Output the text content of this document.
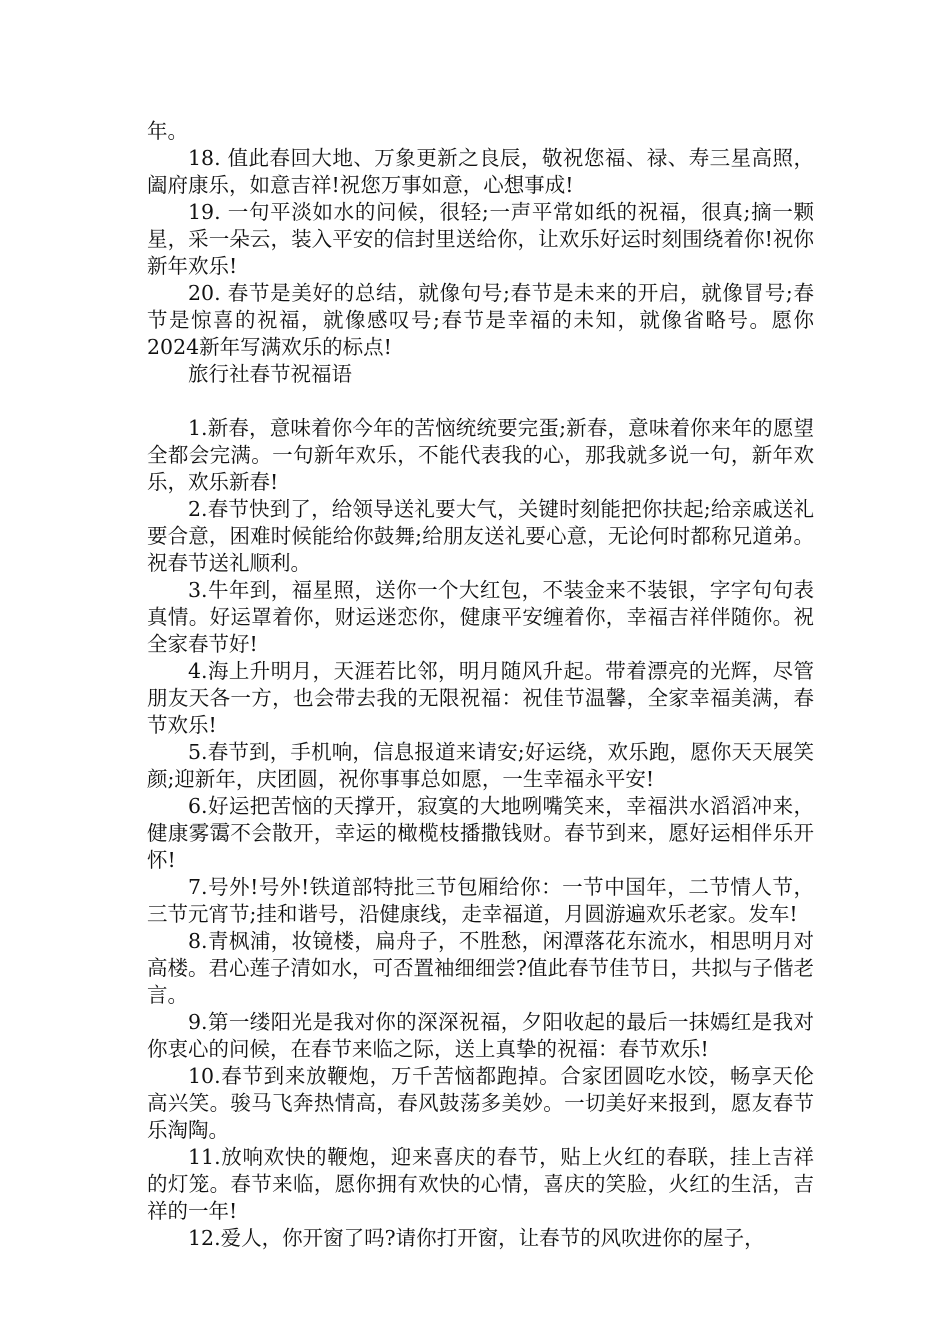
年。

18. 值此春回大地、万象更新之良辰，敬祝您福、禄、寿三星高照，阖府康乐，如意吉祥!祝您万事如意，心想事成!

19. 一句平淡如水的问候，很轻;一声平常如纸的祝福，很真;摘一颗星，采一朵云，装入平安的信封里送给你，让欢乐好运时刻围绕着你!祝你新年欢乐!

20. 春节是美好的总结，就像句号;春节是未来的开启，就像冒号;春节是惊喜的祝福，就像感叹号;春节是幸福的未知，就像省略号。愿你2024新年写满欢乐的标点!

旅行社春节祝福语

1.新春，意味着你今年的苦恼统统要完蛋;新春，意味着你来年的愿望全都会完满。一句新年欢乐，不能代表我的心，那我就多说一句，新年欢乐，欢乐新春!

2.春节快到了，给领导送礼要大气，关键时刻能把你扶起;给亲戚送礼要合意，困难时候能给你鼓舞;给朋友送礼要心意，无论何时都称兄道弟。祝春节送礼顺利。

3.牛年到，福星照，送你一个大红包，不装金来不装银，字字句句表真情。好运罩着你，财运迷恋你，健康平安缠着你，幸福吉祥伴随你。祝全家春节好!

4.海上升明月，天涯若比邻，明月随风升起。带着漂亮的光辉，尽管朋友天各一方，也会带去我的无限祝福：祝佳节温馨，全家幸福美满，春节欢乐!

5.春节到，手机响，信息报道来请安;好运绕，欢乐跑，愿你天天展笑颜;迎新年，庆团圆，祝你事事总如愿，一生幸福永平安!

6.好运把苦恼的天撑开，寂寞的大地咧嘴笑来，幸福洪水滔滔冲来，健康雾霭不会散开，幸运的橄榄枝播撒钱财。春节到来，愿好运相伴乐开怀!

7.号外!号外!铁道部特批三节包厢给你：一节中国年，二节情人节，三节元宵节;挂和谐号，沿健康线，走幸福道，月圆游遍欢乐老家。发车!

8.青枫浦，妆镜楼，扁舟子，不胜愁，闲潭落花东流水，相思明月对高楼。君心莲子清如水，可否置袖细细尝?值此春节佳节日，共拟与子偕老言。

9.第一缕阳光是我对你的深深祝福，夕阳收起的最后一抹嫣红是我对你衷心的问候，在春节来临之际，送上真挚的祝福：春节欢乐!

10.春节到来放鞭炮，万千苦恼都跑掉。合家团圆吃水饺，畅享天伦高兴笑。骏马飞奔热情高，春风鼓荡多美妙。一切美好来报到，愿友春节乐淘陶。

11.放响欢快的鞭炮，迎来喜庆的春节，贴上火红的春联，挂上吉祥的灯笼。春节来临，愿你拥有欢快的心情，喜庆的笑脸，火红的生活，吉祥的一年!

12.爱人，你开窗了吗?请你打开窗，让春节的风吹进你的屋子，
